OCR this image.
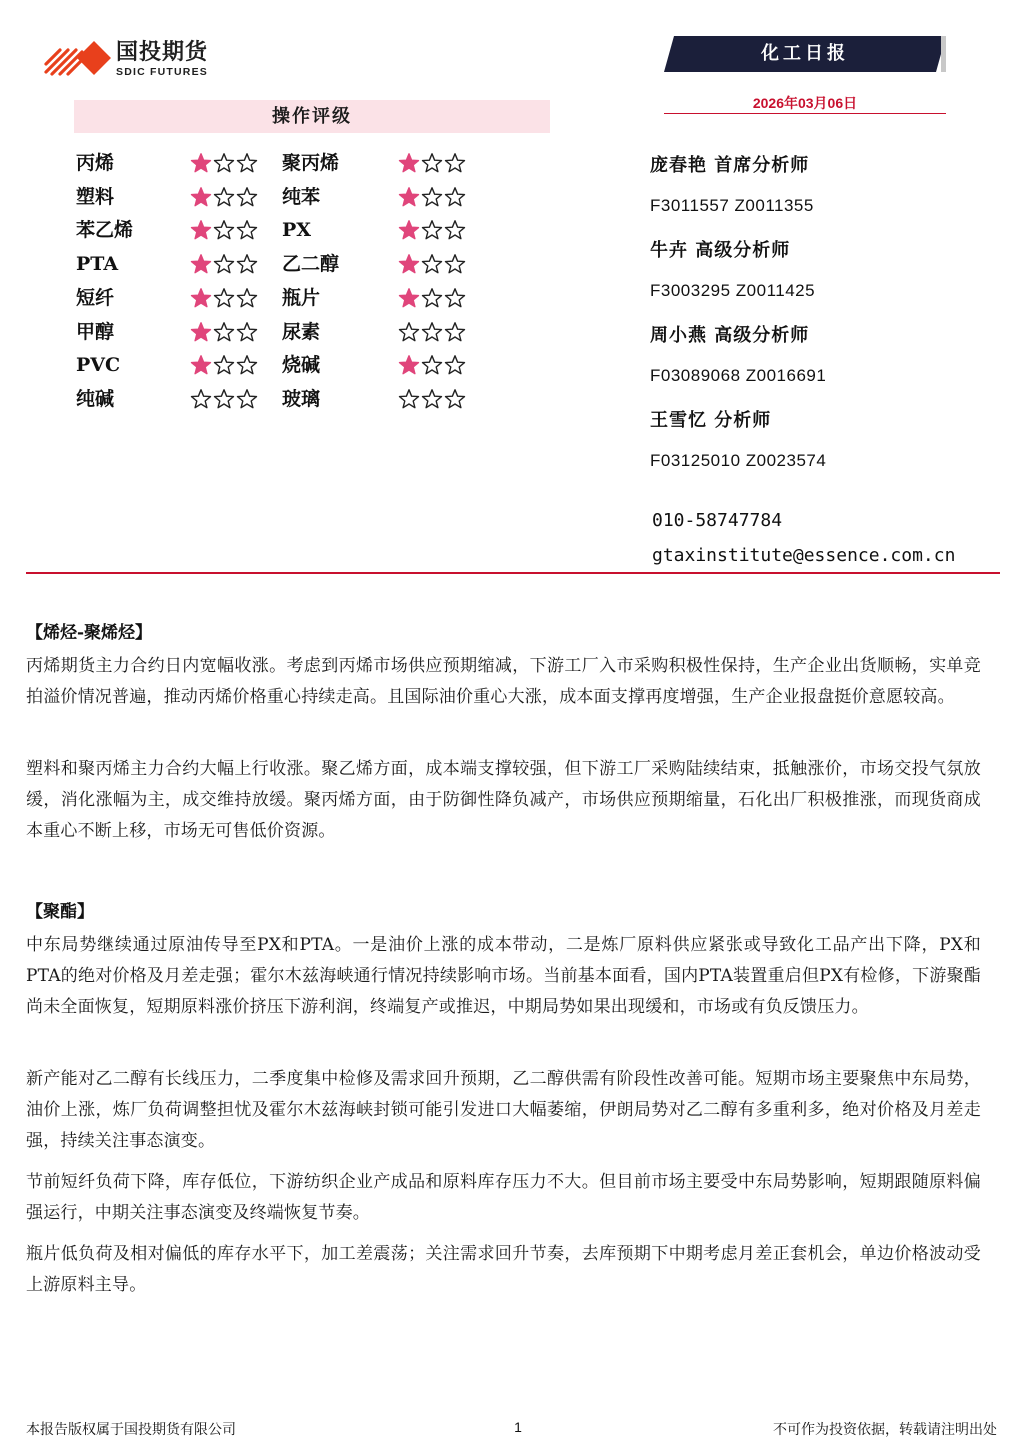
国投期货
SDIC FUTURES
化工日报
2026年03月06日
操作评级
丙烯	聚丙烯
塑料	纯苯
苯乙烯	PX
PTA	乙二醇
短纤	瓶片
甲醇	尿素
PVC	烧碱
纯碱	玻璃
庞春艳 首席分析师
F3011557 Z0011355
牛卉 高级分析师
F3003295 Z0011425
周小燕 高级分析师
F03089068 Z0016691
王雪忆 分析师
F03125010 Z0023574
010-58747784
gtaxinstitute@essence.com.cn
【烯烃-聚烯烃】

丙烯期货主力合约日内宽幅收涨。考虑到丙烯市场供应预期缩减，下游工厂入市采购积极性保持，生产企业出货顺畅，实单竞拍溢价情况普遍，推动丙烯价格重心持续走高。且国际油价重心大涨，成本面支撑再度增强，生产企业报盘挺价意愿较高。

塑料和聚丙烯主力合约大幅上行收涨。聚乙烯方面，成本端支撑较强，但下游工厂采购陆续结束，抵触涨价，市场交投气氛放缓，消化涨幅为主，成交维持放缓。聚丙烯方面，由于防御性降负减产，市场供应预期缩量，石化出厂积极推涨，而现货商成本重心不断上移，市场无可售低价资源。

【聚酯】

中东局势继续通过原油传导至PX和PTA。一是油价上涨的成本带动，二是炼厂原料供应紧张或导致化工品产出下降，PX和PTA的绝对价格及月差走强；霍尔木兹海峡通行情况持续影响市场。当前基本面看，国内PTA装置重启但PX有检修，下游聚酯尚未全面恢复，短期原料涨价挤压下游利润，终端复产或推迟，中期局势如果出现缓和，市场或有负反馈压力。

新产能对乙二醇有长线压力，二季度集中检修及需求回升预期，乙二醇供需有阶段性改善可能。短期市场主要聚焦中东局势，油价上涨，炼厂负荷调整担忧及霍尔木兹海峡封锁可能引发进口大幅萎缩，伊朗局势对乙二醇有多重利多，绝对价格及月差走强，持续关注事态演变。

节前短纤负荷下降，库存低位，下游纺织企业产成品和原料库存压力不大。但目前市场主要受中东局势影响，短期跟随原料偏强运行，中期关注事态演变及终端恢复节奏。

瓶片低负荷及相对偏低的库存水平下，加工差震荡；关注需求回升节奏，去库预期下中期考虑月差正套机会，单边价格波动受上游原料主导。

本报告版权属于国投期货有限公司	1	不可作为投资依据，转载请注明出处
